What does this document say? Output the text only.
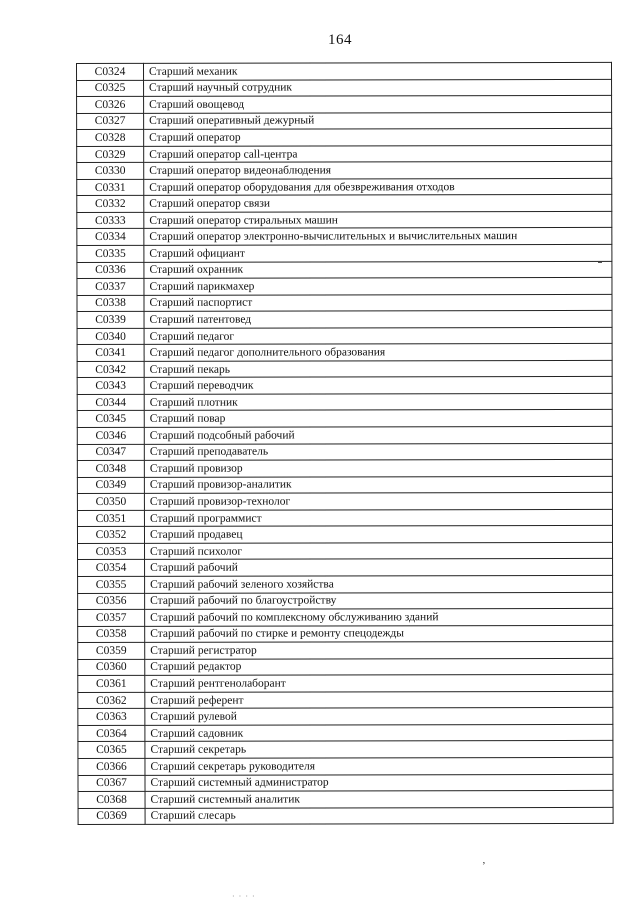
164
С0324	Старший механик
С0325	Старший научный сотрудник
С0326	Старший овощевод
С0327	Старший оперативный дежурный
С0328	Старший оператор
С0329	Старший оператор call-центра
С0330	Старший оператор видеонаблюдения
С0331	Старший оператор оборудования для обезвреживания отходов
С0332	Старший оператор связи
С0333	Старший оператор стиральных машин
С0334	Старший оператор электронно-вычислительных и вычислительных машин
С0335	Старший официант
С0336	Старший охранник
С0337	Старший парикмахер
С0338	Старший паспортист
С0339	Старший патентовед
С0340	Старший педагог
С0341	Старший педагог дополнительного образования
С0342	Старший пекарь
С0343	Старший переводчик
С0344	Старший плотник
С0345	Старший повар
С0346	Старший подсобный рабочий
С0347	Старший преподаватель
С0348	Старший провизор
С0349	Старший провизор-аналитик
С0350	Старший провизор-технолог
С0351	Старший программист
С0352	Старший продавец
С0353	Старший психолог
С0354	Старший рабочий
С0355	Старший рабочий зеленого хозяйства
С0356	Старший рабочий по благоустройству
С0357	Старший рабочий по комплексному обслуживанию зданий
С0358	Старший рабочий по стирке и ремонту спецодежды
С0359	Старший регистратор
С0360	Старший редактор
С0361	Старший рентгенолаборант
С0362	Старший референт
С0363	Старший рулевой
С0364	Старший садовник
С0365	Старший секретарь
С0366	Старший секретарь руководителя
С0367	Старший системный администратор
С0368	Старший системный аналитик
С0369	Старший слесарь
‚
· · · ·
